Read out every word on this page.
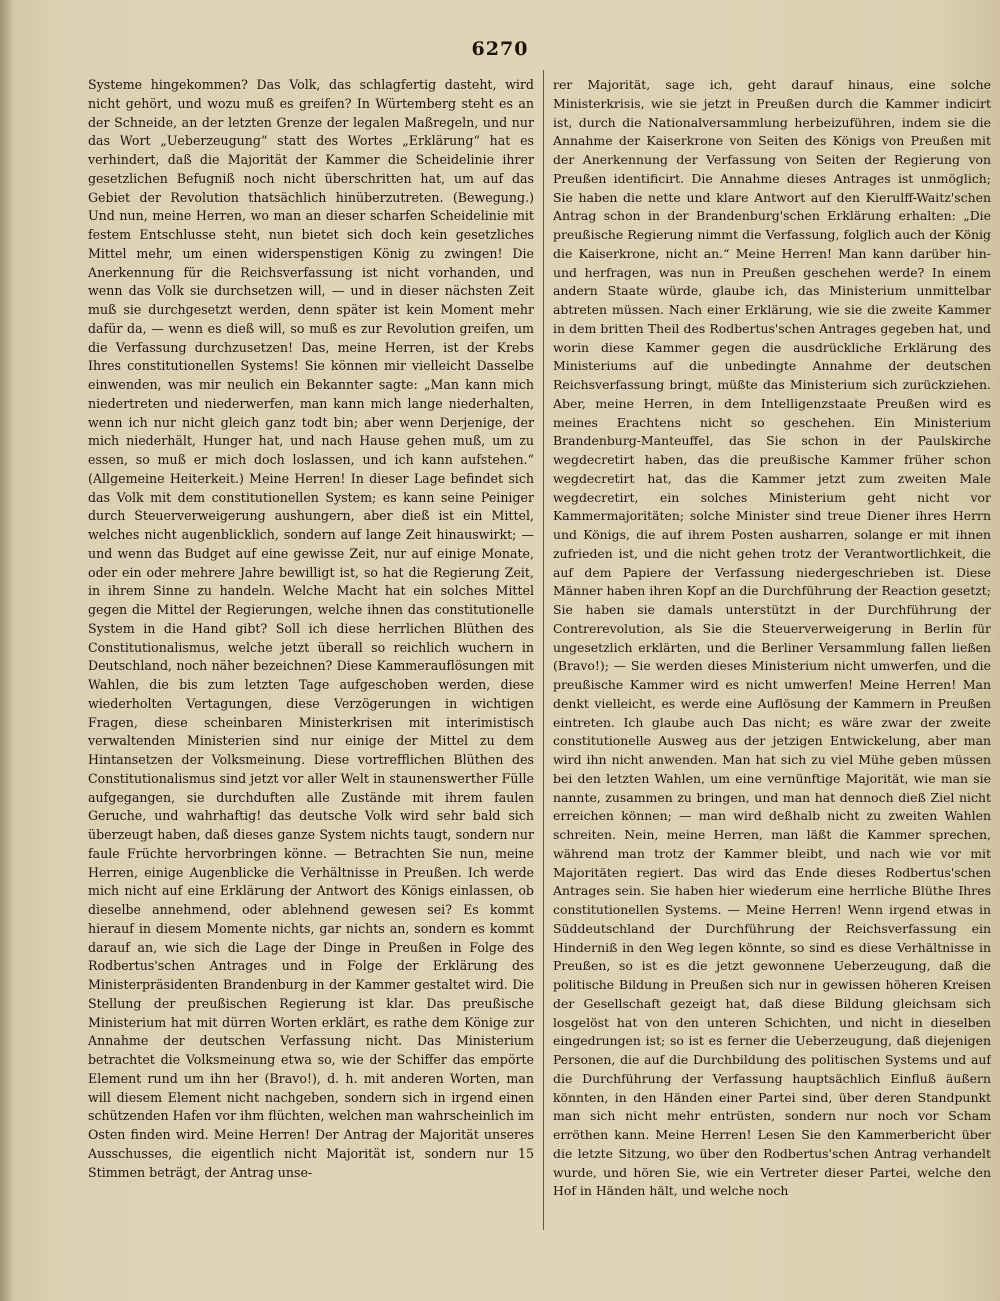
6270

Systeme hingekommen? Das Volk, das schlagfertig dasteht, wird nicht gehört, und wozu muß es greifen? In Würtemberg steht es an der Schneide, an der letzten Grenze der legalen Maßregeln, und nur das Wort „Ueberzeugung“ statt des Wortes „Erklärung“ hat es verhindert, daß die Majorität der Kammer die Scheidelinie ihrer gesetzlichen Befugniß noch nicht überschritten hat, um auf das Gebiet der Revolution thatsächlich hinüberzutreten. (Bewegung.) Und nun, meine Herren, wo man an dieser scharfen Scheidelinie mit festem Entschlusse steht, nun bietet sich doch kein gesetzliches Mittel mehr, um einen widerspenstigen König zu zwingen! Die Anerkennung für die Reichsverfassung ist nicht vorhanden, und wenn das Volk sie durchsetzen will, — und in dieser nächsten Zeit muß sie durchgesetzt werden, denn später ist kein Moment mehr dafür da, — wenn es dieß will, so muß es zur Revolution greifen, um die Verfassung durchzusetzen! Das, meine Herren, ist der Krebs Ihres constitutionellen Systems! Sie können mir vielleicht Dasselbe einwenden, was mir neulich ein Bekannter sagte: „Man kann mich niedertreten und niederwerfen, man kann mich lange niederhalten, wenn ich nur nicht gleich ganz todt bin; aber wenn Derjenige, der mich niederhält, Hunger hat, und nach Hause gehen muß, um zu essen, so muß er mich doch loslassen, und ich kann aufstehen.“ (Allgemeine Heiterkeit.) Meine Herren! In dieser Lage befindet sich das Volk mit dem constitutionellen System; es kann seine Peiniger durch Steuerverweigerung aushungern, aber dieß ist ein Mittel, welches nicht augenblicklich, sondern auf lange Zeit hinauswirkt; — und wenn das Budget auf eine gewisse Zeit, nur auf einige Monate, oder ein oder mehrere Jahre bewilligt ist, so hat die Regierung Zeit, in ihrem Sinne zu handeln. Welche Macht hat ein solches Mittel gegen die Mittel der Regierungen, welche ihnen das constitutionelle System in die Hand gibt? Soll ich diese herrlichen Blüthen des Constitutionalismus, welche jetzt überall so reichlich wuchern in Deutschland, noch näher bezeichnen? Diese Kammerauflösungen mit Wahlen, die bis zum letzten Tage aufgeschoben werden, diese wiederholten Vertagungen, diese Verzögerungen in wichtigen Fragen, diese scheinbaren Ministerkrisen mit interimistisch verwaltenden Ministerien sind nur einige der Mittel zu dem Hintansetzen der Volksmeinung. Diese vortrefflichen Blüthen des Constitutionalismus sind jetzt vor aller Welt in staunenswerther Fülle aufgegangen, sie durchduften alle Zustände mit ihrem faulen Geruche, und wahrhaftig! das deutsche Volk wird sehr bald sich überzeugt haben, daß dieses ganze System nichts taugt, sondern nur faule Früchte hervorbringen könne. — Betrachten Sie nun, meine Herren, einige Augenblicke die Verhältnisse in Preußen. Ich werde mich nicht auf eine Erklärung der Antwort des Königs einlassen, ob dieselbe annehmend, oder ablehnend gewesen sei? Es kommt hierauf in diesem Momente nichts, gar nichts an, sondern es kommt darauf an, wie sich die Lage der Dinge in Preußen in Folge des Rodbertus'schen Antrages und in Folge der Erklärung des Ministerpräsidenten Brandenburg in der Kammer gestaltet wird. Die Stellung der preußischen Regierung ist klar. Das preußische Ministerium hat mit dürren Worten erklärt, es rathe dem Könige zur Annahme der deutschen Verfassung nicht. Das Ministerium betrachtet die Volksmeinung etwa so, wie der Schiffer das empörte Element rund um ihn her (Bravo!), d. h. mit anderen Worten, man will diesem Element nicht nachgeben, sondern sich in irgend einen schützenden Hafen vor ihm flüchten, welchen man wahrscheinlich im Osten finden wird. Meine Herren! Der Antrag der Majorität unseres Ausschusses, die eigentlich nicht Majorität ist, sondern nur 15 Stimmen beträgt, der Antrag unse-

rer Majorität, sage ich, geht darauf hinaus, eine solche Ministerkrisis, wie sie jetzt in Preußen durch die Kammer indicirt ist, durch die Nationalversammlung herbeizuführen, indem sie die Annahme der Kaiserkrone von Seiten des Königs von Preußen mit der Anerkennung der Verfassung von Seiten der Regierung von Preußen identificirt. Die Annahme dieses Antrages ist unmöglich; Sie haben die nette und klare Antwort auf den Kierulff-Waitz'schen Antrag schon in der Brandenburg'schen Erklärung erhalten: „Die preußische Regierung nimmt die Verfassung, folglich auch der König die Kaiserkrone, nicht an.“ Meine Herren! Man kann darüber hin- und herfragen, was nun in Preußen geschehen werde? In einem andern Staate würde, glaube ich, das Ministerium unmittelbar abtreten müssen. Nach einer Erklärung, wie sie die zweite Kammer in dem britten Theil des Rodbertus'schen Antrages gegeben hat, und worin diese Kammer gegen die ausdrückliche Erklärung des Ministeriums auf die unbedingte Annahme der deutschen Reichsverfassung bringt, müßte das Ministerium sich zurückziehen. Aber, meine Herren, in dem Intelligenzstaate Preußen wird es meines Erachtens nicht so geschehen. Ein Ministerium Brandenburg-Manteuffel, das Sie schon in der Paulskirche wegdecretirt haben, das die preußische Kammer früher schon wegdecretirt hat, das die Kammer jetzt zum zweiten Male wegdecretirt, ein solches Ministerium geht nicht vor Kammermajoritäten; solche Minister sind treue Diener ihres Herrn und Königs, die auf ihrem Posten ausharren, solange er mit ihnen zufrieden ist, und die nicht gehen trotz der Verantwortlichkeit, die auf dem Papiere der Verfassung niedergeschrieben ist. Diese Männer haben ihren Kopf an die Durchführung der Reaction gesetzt; Sie haben sie damals unterstützt in der Durchführung der Contrerevolution, als Sie die Steuerverweigerung in Berlin für ungesetzlich erklärten, und die Berliner Versammlung fallen ließen (Bravo!); — Sie werden dieses Ministerium nicht umwerfen, und die preußische Kammer wird es nicht umwerfen! Meine Herren! Man denkt vielleicht, es werde eine Auflösung der Kammern in Preußen eintreten. Ich glaube auch Das nicht; es wäre zwar der zweite constitutionelle Ausweg aus der jetzigen Entwickelung, aber man wird ihn nicht anwenden. Man hat sich zu viel Mühe geben müssen bei den letzten Wahlen, um eine vernünftige Majorität, wie man sie nannte, zusammen zu bringen, und man hat dennoch dieß Ziel nicht erreichen können; — man wird deßhalb nicht zu zweiten Wahlen schreiten. Nein, meine Herren, man läßt die Kammer sprechen, während man trotz der Kammer bleibt, und nach wie vor mit Majoritäten regiert. Das wird das Ende dieses Rodbertus'schen Antrages sein. Sie haben hier wiederum eine herrliche Blüthe Ihres constitutionellen Systems. — Meine Herren! Wenn irgend etwas in Süddeutschland der Durchführung der Reichsverfassung ein Hinderniß in den Weg legen könnte, so sind es diese Verhältnisse in Preußen, so ist es die jetzt gewonnene Ueberzeugung, daß die politische Bildung in Preußen sich nur in gewissen höheren Kreisen der Gesellschaft gezeigt hat, daß diese Bildung gleichsam sich losgelöst hat von den unteren Schichten, und nicht in dieselben eingedrungen ist; so ist es ferner die Ueberzeugung, daß diejenigen Personen, die auf die Durchbildung des politischen Systems und auf die Durchführung der Verfassung hauptsächlich Einfluß äußern könnten, in den Händen einer Partei sind, über deren Standpunkt man sich nicht mehr entrüsten, sondern nur noch vor Scham erröthen kann. Meine Herren! Lesen Sie den Kammerbericht über die letzte Sitzung, wo über den Rodbertus'schen Antrag verhandelt wurde, und hören Sie, wie ein Vertreter dieser Partei, welche den Hof in Händen hält, und welche noch
